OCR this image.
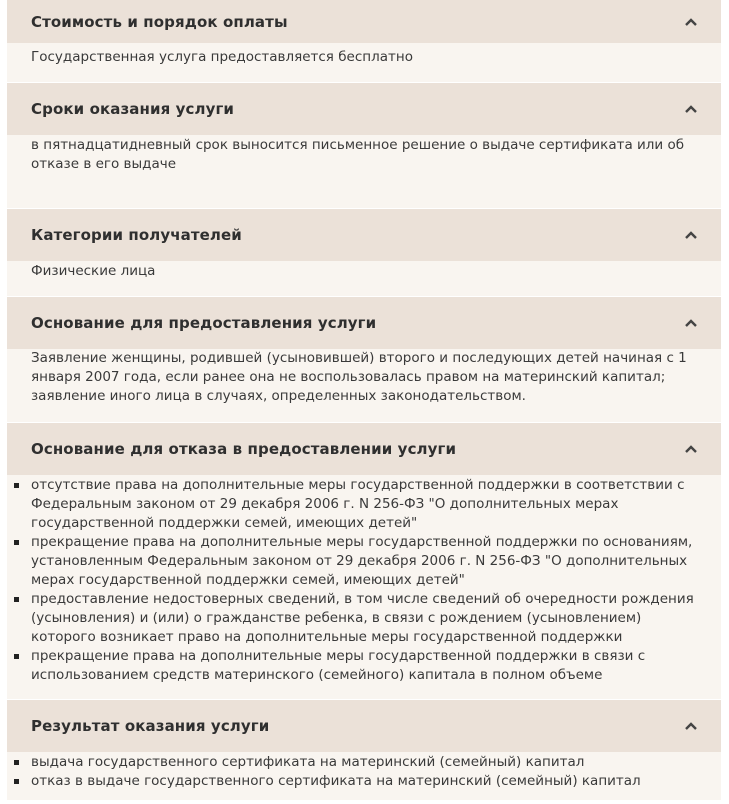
Стоимость и порядок оплаты

Государственная услуга предоставляется бесплатно

Сроки оказания услуги

в пятнадцатидневный срок выносится письменное решение о выдаче сертификата или об отказе в его выдаче

Категории получателей

Физические лица

Основание для предоставления услуги

Заявление женщины, родившей (усыновившей) второго и последующих детей начиная с 1 января 2007 года, если ранее она не воспользовалась правом на материнский капитал; заявление иного лица в случаях, определенных законодательством.

Основание для отказа в предоставлении услуги
отсутствие права на дополнительные меры государственной поддержки в соответствии с Федеральным законом от 29 декабря 2006 г. N 256-ФЗ "О дополнительных мерах государственной поддержки семей, имеющих детей"
прекращение права на дополнительные меры государственной поддержки по основаниям, установленным Федеральным законом от 29 декабря 2006 г. N 256-ФЗ "О дополнительных мерах государственной поддержки семей, имеющих детей"
предоставление недостоверных сведений, в том числе сведений об очередности рождения (усыновления) и (или) о гражданстве ребенка, в связи с рождением (усыновлением) которого возникает право на дополнительные меры государственной поддержки
прекращение права на дополнительные меры государственной поддержки в связи с использованием средств материнского (семейного) капитала в полном объеме
Результат оказания услуги
выдача государственного сертификата на материнский (семейный) капитал
отказ в выдаче государственного сертификата на материнский (семейный) капитал
